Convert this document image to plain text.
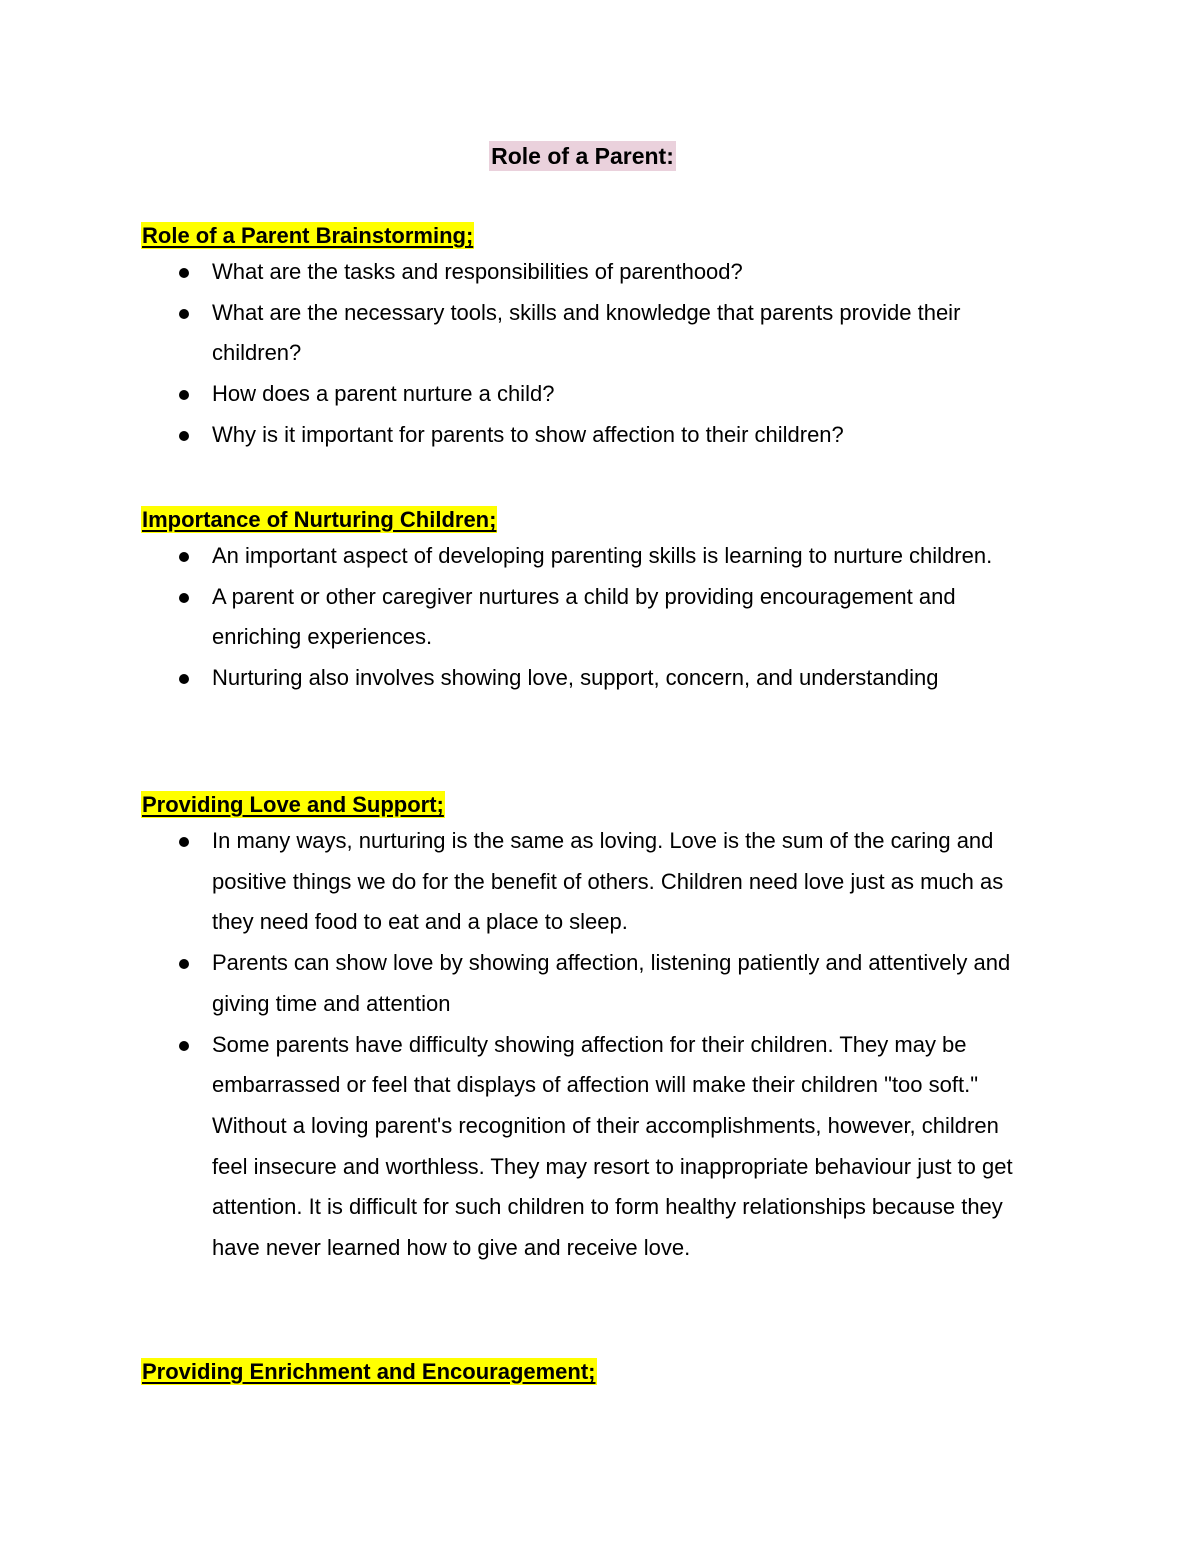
Role of a Parent:
Role of a Parent Brainstorming;
What are the tasks and responsibilities of parenthood?
What are the necessary tools, skills and knowledge that parents provide their children?
How does a parent nurture a child?
Why is it important for parents to show affection to their children?
Importance of Nurturing Children;
An important aspect of developing parenting skills is learning to nurture children.
A parent or other caregiver nurtures a child by providing encouragement and enriching experiences.
Nurturing also involves showing love, support, concern, and understanding
Providing Love and Support;
In many ways, nurturing is the same as loving. Love is the sum of the caring and positive things we do for the benefit of others. Children need love just as much as they need food to eat and a place to sleep.
Parents can show love by showing affection, listening patiently and attentively and giving time and attention
Some parents have difficulty showing affection for their children. They may be embarrassed or feel that displays of affection will make their children "too soft." Without a loving parent's recognition of their accomplishments, however, children feel insecure and worthless. They may resort to inappropriate behaviour just to get attention. It is difficult for such children to form healthy relationships because they have never learned how to give and receive love.
Providing Enrichment and Encouragement;
